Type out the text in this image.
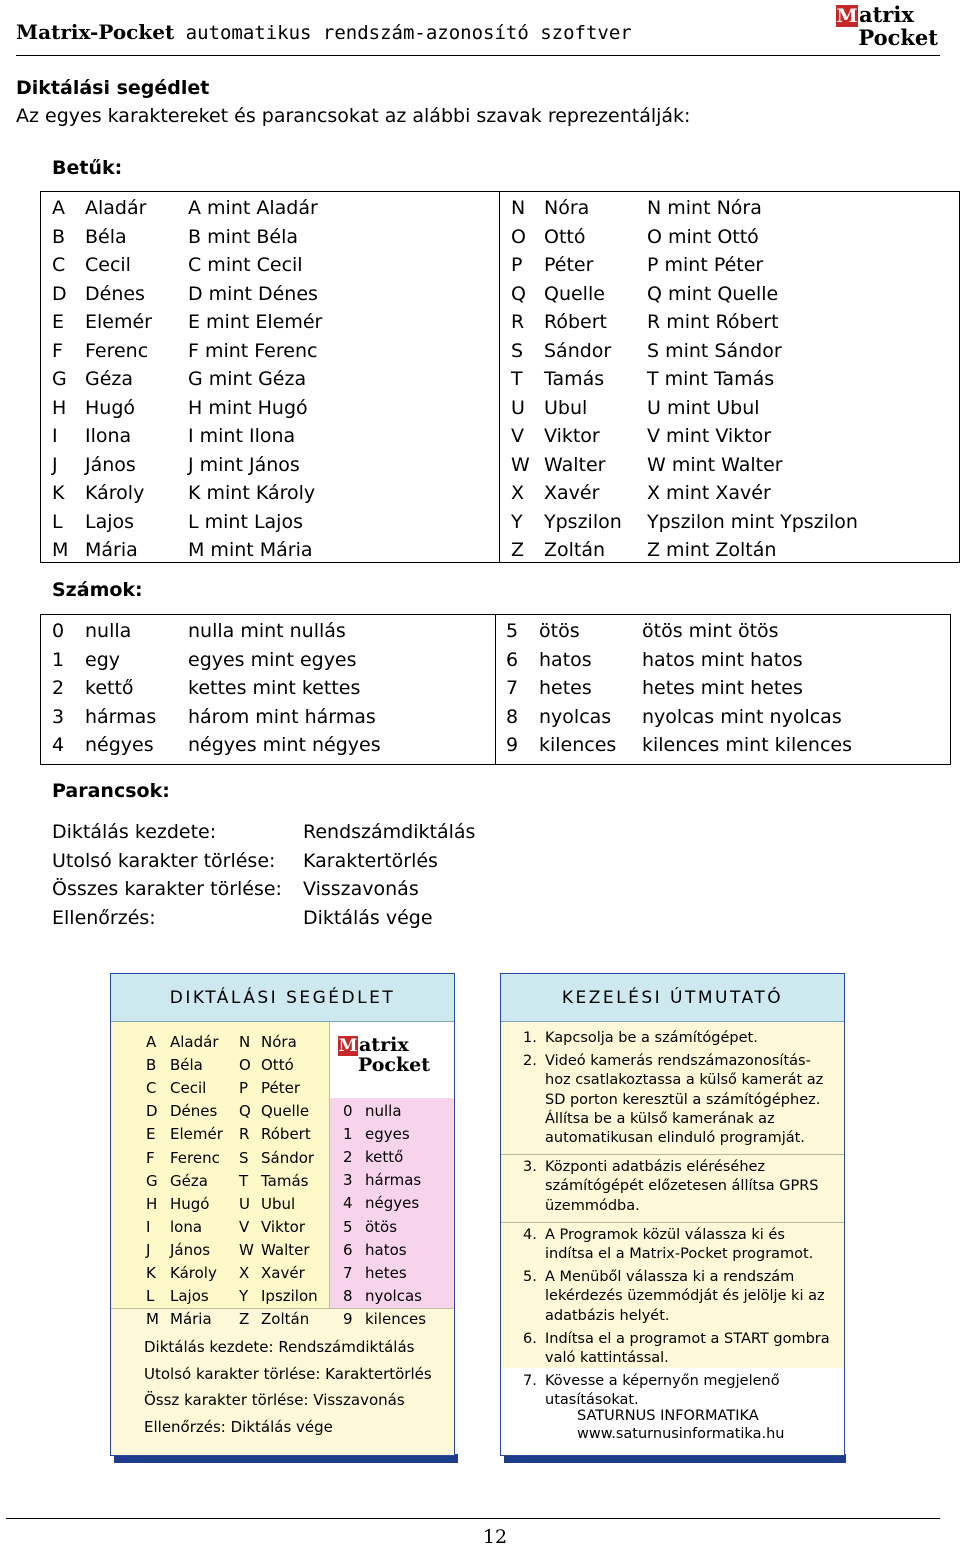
Matrix-Pocket automatikus rendszám-azonosító szoftver
Matrix
Pocket
Diktálási segédlet
Az egyes karaktereket és parancsokat az alábbi szavak reprezentálják:
Betűk:
A Aladár A mint Aladár
B Béla	B mint Béla
C Cecil	C mint Cecil
D Dénes D mint Dénes
E Elemér E mint Elemér
F Ferenc F mint Ferenc
G Géza	G mint Géza
H Hugó	H mint Hugó
I Ilona	I mint Ilona
J János	J mint János
K Károly K mint Károly
L Lajos	L mint Lajos
M Mária	M mint Mária
N Nóra	N mint Nóra
O Ottó	O mint Ottó
P Péter	P mint Péter
Q Quelle Q mint Quelle
R Róbert R mint Róbert
S Sándor S mint Sándor
T Tamás T mint Tamás
U Ubul	U mint Ubul
V Viktor V mint Viktor
W Walter W mint Walter
X Xavér	X mint Xavér
Y Ypszilon Ypszilon mint Ypszilon
Z Zoltán Z mint Zoltán
Számok:
0 nulla	nulla mint nullás
1 egy	egyes mint egyes
2 kettő	kettes mint kettes
3 hármas három mint hármas
4 négyes négyes mint négyes
5 ötös	ötös mint ötös
6 hatos	hatos mint hatos
7 hetes	hetes mint hetes
8 nyolcas nyolcas mint nyolcas
9 kilences kilences mint kilences
Parancsok:
Diktálás kezdete:	Rendszámdiktálás
Utolsó karakter törlése: Karaktertörlés
Összes karakter törlése: Visszavonás
Ellenőrzés:	Diktálás vége
DIKTÁLÁSI SEGÉDLET
A Aladár
B Béla
C Cecil
D Dénes
E Elemér
F Ferenc
G Géza
H Hugó
I lona
J János
K Károly
L Lajos
M Mária
N Nóra
O Ottó
P Péter
Q Quelle
R Róbert
S Sándor
T Tamás
U Ubul
V Viktor
W Walter
X Xavér
Y Ipszilon
Z Zoltán
0 nulla
1 egyes
2 kettő
3 hármas
4 négyes
5 ötös
6 hatos
7 hetes
8 nyolcas
9 kilences
Diktálás kezdete: Rendszámdiktálás
Utolsó karakter törlése: Karaktertörlés
Össz karakter törlése: Visszavonás
Ellenőrzés: Diktálás vége
Matrix
Pocket
KEZELÉSI ÚTMUTATÓ
1. Kapcsolja be a számítógépet.
2. Videó kamerás rendszámazonosítás-
hoz csatlakoztassa a külső kamerát az
SD porton keresztül a számítógéphez.
Állítsa be a külső kamerának az
automatikusan elinduló programját.
3. Központi adatbázis eléréséhez
számítógépét előzetesen állítsa GPRS
üzemmódba.
4. A Programok közül válassza ki és
indítsa el a Matrix-Pocket programot.
5. A Menüből válassza ki a rendszám
lekérdezés üzemmódját és jelölje ki az
adatbázis helyét.
6. Indítsa el a programot a START gombra
való kattintással.
7. Kövesse a képernyőn megjelenő
utasításokat.
SATURNUS INFORMATIKA
www.saturnusinformatika.hu
12
